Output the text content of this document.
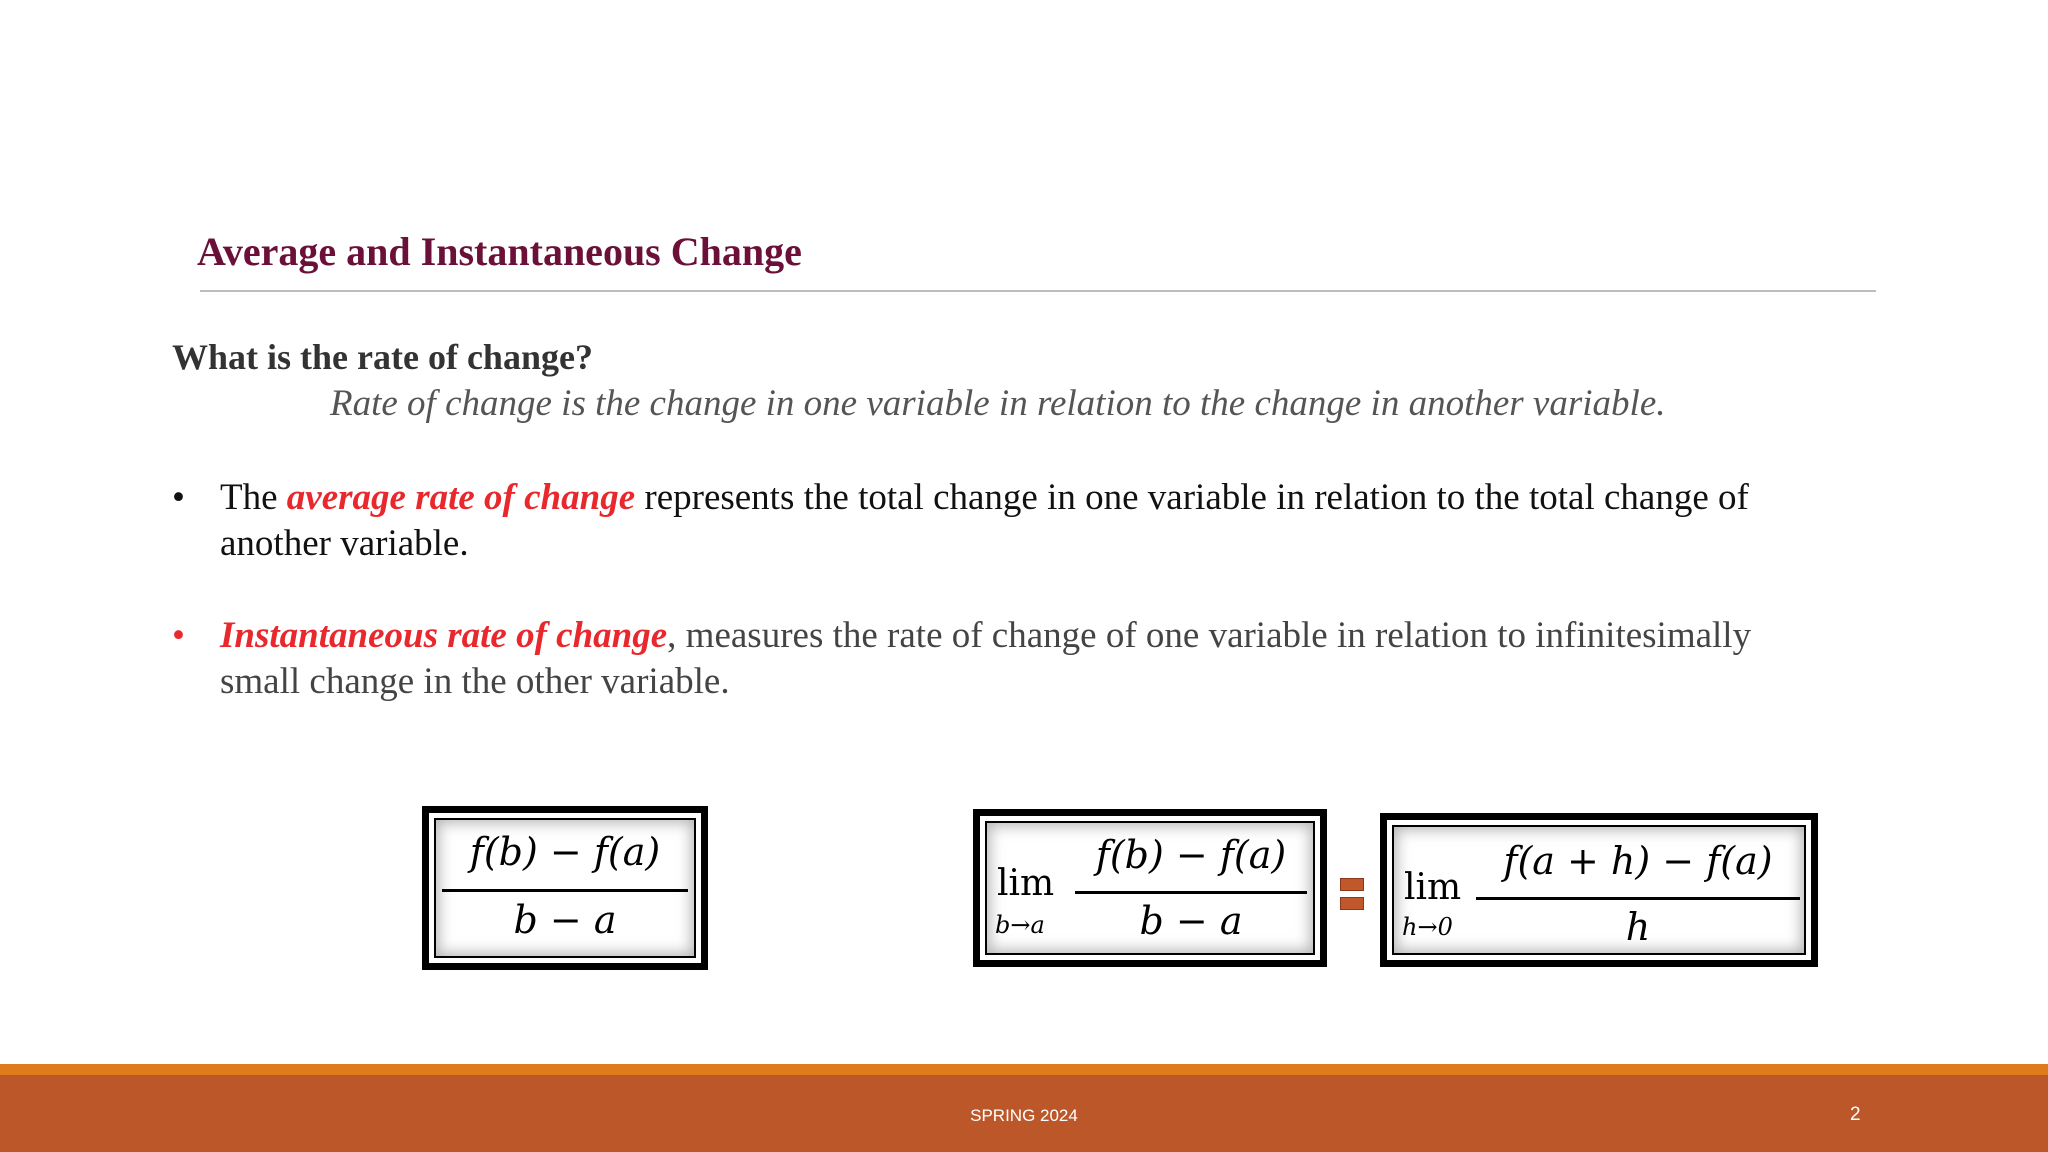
Average and Instantaneous Change
What is the rate of change?
Rate of change is the change in one variable in relation to the change in another variable.
• The average rate of change represents the total change in one variable in relation to the total change of another variable.
• Instantaneous rate of change, measures the rate of change of one variable in relation to infinitesimally small change in the other variable.
f(b) − f(a)
b − a
lim
b→a
f(b) − f(a)
b − a
lim
h→0
f(a + h) − f(a)
h
SPRING 2024	2
